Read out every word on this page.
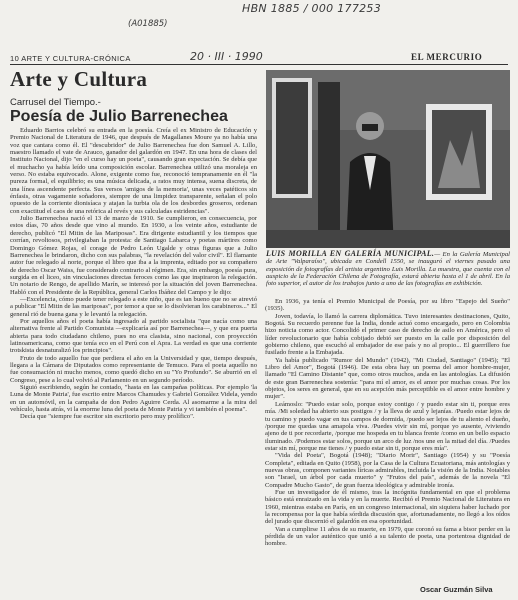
HBN 1885 / 000 177253
(A01885)
20 · III · 1990
10 ARTE Y CULTURA-CRÓNICA	EL MERCURIO
Arte y Cultura
Carrusel del Tiempo.-
Poesía de Julio Barrenechea

Eduardo Barrios celebró su entrada en la poesía. Creía el ex Ministro de Educación y Premio Nacional de Literatura de 1946, que después de Magallanes Moure ya no había una voz que cantara como él. El "descubridor" de Julio Barrenechea fue don Samuel A. Lillo, maestro llamado el vate de Arauco, ganador del galardón en 1947. En una hora de clases del Instituto Nacional, dijo "en el curso hay un poeta", causando gran expectación. Se debía que el muchacho ya había leído una composición escolar. Barrenechea utilizó una moraleja en verso. No estaba equivocado. Alone, exigente como fue, reconoció tempranamente en él "la pureza formal, el equilibrio; es una música delicada, a ratos muy intensa, suena discreta, de una línea ascendente perfecta. Sus versos 'amigos de la memoria', unas veces patéticos sin énfasis, otras vagamente soñadores, siempre de una limpidez transparente, señalan el polo opuesto de la corriente dionisíaca y atajan la turbia ola de los desbordes groseros, ordenan con exactitud el caos de una retórica al revés y sus calculadas estridencias".

Julio Barrenechea nació el 13 de marzo de 1910. Se cumplieron, en consecuencia, por estos días, 70 años desde que vino al mundo. En 1930, a los veinte años, estudiante de derecho, publicó "El Mitin de las Mariposas". Era dirigente estudiantil y los tiempos que corrían, revoltosos, privilegiaban la protesta: de Santiago Labarca y poetas mártires como Domingo Gómez Rojas, el corage de Pedro León Ugalde y otras figuras que a Julio Barrenechea le brindaron, dicho con sus palabras, "la revelación del valor civil". El flamante autor fue relegado al norte, porque el libro que iba a la imprenta, editado por su compañero de derecho Oscar Waiss, fue considerado contrario al régimen. Era, sin embargo, poesía pura, surgida en el liceo, sin vinculaciones directas feroces como las que inspiraron la relegación. Un notario de Rengo, de apellido Marín, se interesó por la situación del joven Barrenechea. Habló con el Presidente de la República, general Carlos Ibáñez del Campo y le dijo:

—Excelencia, cómo puede tener relegado a este niño, que es tan bueno que no se atrevió a publicar "El Mitin de las mariposas", por temor a que se lo disolvieran los carabineros..." El general rió de buena gana y le levantó la relegación.

Por aquellos años el poeta había ingresado al partido socialista "que nacía como una alternativa frente al Partido Comunista —explicaría así por Barrenechea—, y que era puerta abierta para todo ciudadano chileno, pues no era clasista, sino nacional, con proyección latinoamericana, como que tenía eco en el Perú con el Apra. La verdad es que una corriente trotskista desnaturalizó los principios".

Fruto de todo aquello fue que perdiera el año en la Universidad y que, tiempo después, llegara a la Cámara de Diputados como representante de Temuco. Para el poeta aquello no fue consumación ni mucho menos, como quedó dicho en su "Yo Profundo". Se aburrió en el Congreso, pese a lo cual volvió al Parlamento en un segundo período.

Siguió escribiendo, según he contado, "hasta en las campañas políticas. Por ejemplo 'la Luna de Monte Patria', fue escrito entre Marcos Chamudes y Gabriel González Videla, yendo en un automóvil, en la campaña de don Pedro Aguirre Cerda. Al asomarme a la mira del vehículo, hasta atrás, vi la enorme luna del poeta de Monte Patria y vi también el poema".

Decía que "siempre fue escritor sin escritorio pero muy prolífico".

LUIS MORILLA EN GALERÍA MUNICIPAL.— En la Galería Municipal de Arte "Valparaíso", ubicada en Condell 1550, se inauguró el viernes pasado una exposición de fotografías del artista argentino Luis Morilla. La muestra, que cuenta con el auspicio de la Federación Chilena de Fotografía, estará abierta hasta el 1 de abril. En la foto superior, el autor de los trabajos junto a uno de las fotografías en exhibición.

En 1936, ya tenía el Premio Municipal de Poesía, por su libro "Espejo del Sueño" (1935).

Joven, todavía, lo llamó la carrera diplomática. Tuvo interesantes destinaciones, Quito, Bogotá. Su recuerdo perenne fue la India, donde actuó como encargado, pero en Colombia hizo noticia como actor. Concolidó el primer caso de derecho de asilo en América, pero el líder revolucionario que había cobijado debió ser puesto en la calle por disposición del gobierno chileno, que escuchó al embajador de ese país y no al propio... El guerrillero fue fusilado frente a la Embajada.

Ya había publicado "Rumor del Mundo" (1942), "Mi Ciudad, Santiago" (1945); "El Libro del Amor", Bogotá (1946). De esta obra hay un poema del amor hombre-mujer, llamado "El Camino Distante" que, como otros muchos, anda en las antologías. La difusión de este gran Barrenechea sostenía: "para mí el amor, es el amor por muchas cosas. Por los objetos, los seres en general, que en su acepción más perceptible es el amor entre hombre y mujer".

Leámoslo: "Puedo estar solo, porque estoy contigo / y puedo estar sin ti, porque eres mía. /Mi soledad ha abierto sus postigos / y la lleva de azul y lejanías. /Puedo estar lejos de tu camino y puedo vagar en tus campos de dormida, /puedo ser lejos de tu aliento el dueño, /porque me quedas una amapola viva. /Puedes vivir sin mí, porque yo ausente, /viviendo ajeno de ti por recordarte, /porque me hospeda en tu blanca frente /como en un bello espacio iluminado. /Podemos estar solos, porque un arco de luz /nos une en la mitad del día. /Puedes estar sin mí, porque me tienes / y puedo estar sin ti, porque eres mía".

"Vida del Poeta", Bogotá (1948); "Diario Morir", Santiago (1954) y su "Poesía Completa", editada en Quito (1958), por la Casa de la Cultura Ecuatoriana, más antologías y nuevas obras, componen variantes líricas admirables, incluida la visión de la India. Notables son "Israel, un árbol por cada muerto" y "Frutos del país", además de la novela "El Compadre Mucho Gasto", de gran fuerza ideológica y admirable ironía.

Fue un investigador de él mismo, tras la incógnita fundamental en que el problema básico está enraizado en la vida y en la muerte. Recibió el Premio Nacional de Literatura en 1960, mientras estaba en París, en un congreso internacional, sin siquiera haber luchado por la recompensa por la que había sórdida discusión que, afortunadamente, no llegó a los oídos del jurado que discernió el galardón en esa oportunidad.

Van a cumplirse 11 años de su muerte, en 1979, que coronó su fama a bisor perder en la pérdida de un valor auténtico que unió a su talento de poeta, una portentosa dignidad de hombre.

Oscar Guzmán Silva
